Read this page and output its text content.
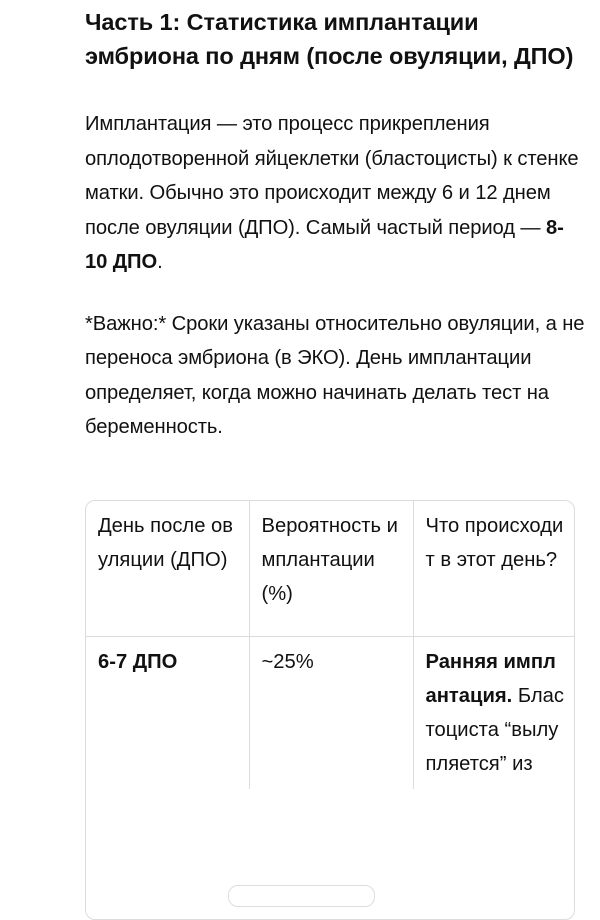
Часть 1: Статистика имплантации эмбриона по дням (после овуляции, ДПО)

Имплантация — это процесс прикрепления оплодотворенной яйцеклетки (бластоцисты) к стенке матки. Обычно это происходит между 6 и 12 днем после овуляции (ДПО). Самый частый период — 8-10 ДПО.

*Важно:* Сроки указаны относительно овуляции, а не переноса эмбриона (в ЭКО). День имплантации определяет, когда можно начинать делать тест на беременность.

День после овуляции (ДПО)	Вероятность имплантации (%)	Что происходит в этот день?
6-7 ДПО	~25%	Ранняя имплантация. Бластоциста “вылупляется” из
